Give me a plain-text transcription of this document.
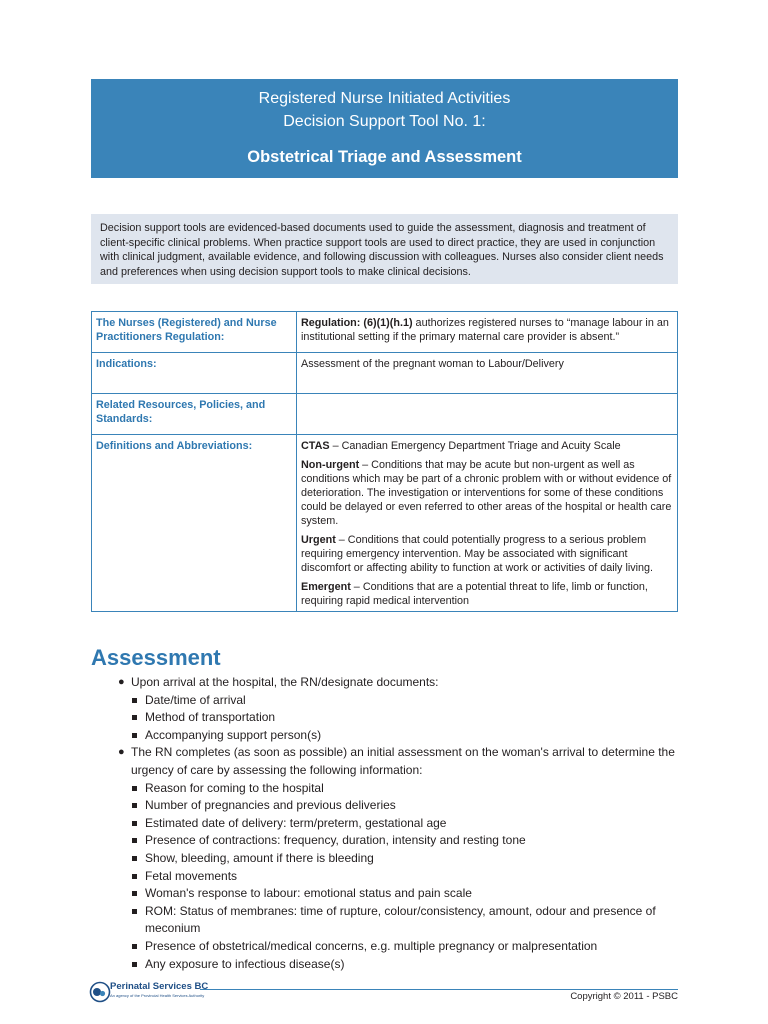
Registered Nurse Initiated Activities
Decision Support Tool No. 1:
Obstetrical Triage and Assessment
Decision support tools are evidenced-based documents used to guide the assessment, diagnosis and treatment of client-specific clinical problems. When practice support tools are used to direct practice, they are used in conjunction with clinical judgment, available evidence, and following discussion with colleagues. Nurses also consider client needs and preferences when using decision support tools to make clinical decisions.
The Nurses (Registered) and Nurse Practitioners Regulation:	Regulation: (6)(1)(h.1) authorizes registered nurses to “manage labour in an institutional setting if the primary maternal care provider is absent.”
Indications:	Assessment of the pregnant woman to Labour/Delivery
Related Resources, Policies, and Standards:	
Definitions and Abbreviations:	CTAS – Canadian Emergency Department Triage and Acuity Scale
Non-urgent – Conditions that may be acute but non-urgent as well as conditions which may be part of a chronic problem with or without evidence of deterioration. The investigation or interventions for some of these conditions could be delayed or even referred to other areas of the hospital or health care system.
Urgent – Conditions that could potentially progress to a serious problem requiring emergency intervention. May be associated with significant discomfort or affecting ability to function at work or activities of daily living.
Emergent – Conditions that are a potential threat to life, limb or function, requiring rapid medical intervention
Assessment
● Upon arrival at the hospital, the RN/designate documents:
Date/time of arrival
Method of transportation
Accompanying support person(s)
● The RN completes (as soon as possible) an initial assessment on the woman's arrival to determine the urgency of care by assessing the following information:
Reason for coming to the hospital
Number of pregnancies and previous deliveries
Estimated date of delivery: term/preterm, gestational age
Presence of contractions: frequency, duration, intensity and resting tone
Show, bleeding, amount if there is bleeding
Fetal movements
Woman's response to labour: emotional status and pain scale
ROM: Status of membranes: time of rupture, colour/consistency, amount, odour and presence of meconium
Presence of obstetrical/medical concerns, e.g. multiple pregnancy or malpresentation
Any exposure to infectious disease(s)
Perinatal Services BC
An agency of the Provincial Health Services Authority	Copyright © 2011 - PSBC
